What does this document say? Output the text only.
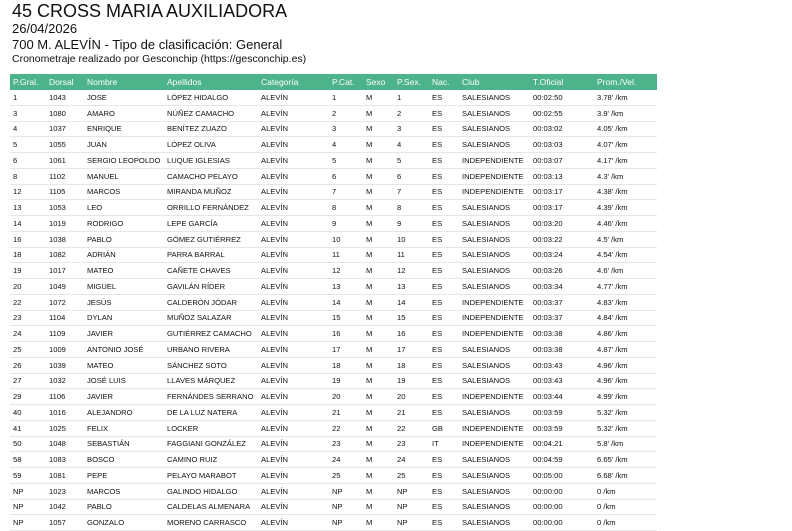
45 CROSS MARIA AUXILIADORA
26/04/2026
700 M. ALEVÍN - Tipo de clasificación: General
Cronometraje realizado por Gesconchip (https://gesconchip.es)
P.Gral.	Dorsal	Nombre	Apellidos	Categoría	P.Cat.	Sexo	P.Sex.	Nac.	Club	T.Oficial	Prom./Vel.
1	1043	JOSE	LÓPEZ HIDALGO	ALEVÍN	1	M	1	ES	SALESIANOS	00:02:50	3.78' /km
3	1080	AMARO	NÚÑEZ CAMACHO	ALEVÍN	2	M	2	ES	SALESIANOS	00:02:55	3.9' /km
4	1037	ENRIQUE	BENÍTEZ ZUAZO	ALEVÍN	3	M	3	ES	SALESIANOS	00:03:02	4.05' /km
5	1055	JUAN	LÓPEZ OLIVA	ALEVÍN	4	M	4	ES	SALESIANOS	00:03:03	4.07' /km
6	1061	SERGIO LEOPOLDO	LUQUE IGLESIAS	ALEVÍN	5	M	5	ES	INDEPENDIENTE	00:03:07	4.17' /km
8	1102	MANUEL	CAMACHO PELAYO	ALEVÍN	6	M	6	ES	INDEPENDIENTE	00:03:13	4.3' /km
12	1105	MARCOS	MIRANDA MUÑOZ	ALEVÍN	7	M	7	ES	INDEPENDIENTE	00:03:17	4.38' /km
13	1053	LEO	ORRILLO FERNÁNDEZ	ALEVÍN	8	M	8	ES	SALESIANOS	00:03:17	4.39' /km
14	1019	RODRIGO	LEPE GARCÍA	ALEVÍN	9	M	9	ES	SALESIANOS	00:03:20	4.46' /km
16	1038	PABLO	GÓMEZ GUTIÉRREZ	ALEVÍN	10	M	10	ES	SALESIANOS	00:03:22	4.5' /km
18	1082	ADRIÁN	PARRA BARRAL	ALEVÍN	11	M	11	ES	SALESIANOS	00:03:24	4.54' /km
19	1017	MATEO	CAÑETE CHAVES	ALEVÍN	12	M	12	ES	SALESIANOS	00:03:26	4.6' /km
20	1049	MIGUEL	GAVILÁN RÍDER	ALEVÍN	13	M	13	ES	SALESIANOS	00:03:34	4.77' /km
22	1072	JESÚS	CALDERÓN JÓDAR	ALEVÍN	14	M	14	ES	INDEPENDIENTE	00:03:37	4.83' /km
23	1104	DYLAN	MUÑOZ SALAZAR	ALEVÍN	15	M	15	ES	INDEPENDIENTE	00:03:37	4.84' /km
24	1109	JAVIER	GUTIÉRREZ CAMACHO	ALEVÍN	16	M	16	ES	INDEPENDIENTE	00:03:38	4.86' /km
25	1009	ANTONIO JOSÉ	URBANO RIVERA	ALEVÍN	17	M	17	ES	SALESIANOS	00:03:38	4.87' /km
26	1039	MATEO	SÁNCHEZ SOTO	ALEVÍN	18	M	18	ES	SALESIANOS	00:03:43	4.96' /km
27	1032	JOSÉ LUIS	LLAVES MÁRQUEZ	ALEVÍN	19	M	19	ES	SALESIANOS	00:03:43	4.96' /km
29	1106	JAVIER	FERNÁNDES SERRANO	ALEVÍN	20	M	20	ES	INDEPENDIENTE	00:03:44	4.99' /km
40	1016	ALEJANDRO	DE LA LUZ NATERA	ALEVÍN	21	M	21	ES	SALESIANOS	00:03:59	5.32' /km
41	1025	FELIX	LOCKER	ALEVÍN	22	M	22	GB	INDEPENDIENTE	00:03:59	5.32' /km
50	1048	SEBASTIÁN	FAGGIANI GONZÁLEZ	ALEVÍN	23	M	23	IT	INDEPENDIENTE	00:04:21	5.8' /km
58	1083	BOSCO	CAMINO RUIZ	ALEVÍN	24	M	24	ES	SALESIANOS	00:04:59	6.65' /km
59	1081	PEPE	PELAYO MARABOT	ALEVÍN	25	M	25	ES	SALESIANOS	00:05:00	6.68' /km
NP	1023	MARCOS	GALINDO HIDALGO	ALEVÍN	NP	M	NP	ES	SALESIANOS	00:00:00	0 /km
NP	1042	PABLO	CALDELAS ALMENARA	ALEVÍN	NP	M	NP	ES	SALESIANOS	00:00:00	0 /km
NP	1057	GONZALO	MORENO CARRASCO	ALEVÍN	NP	M	NP	ES	SALESIANOS	00:00:00	0 /km
